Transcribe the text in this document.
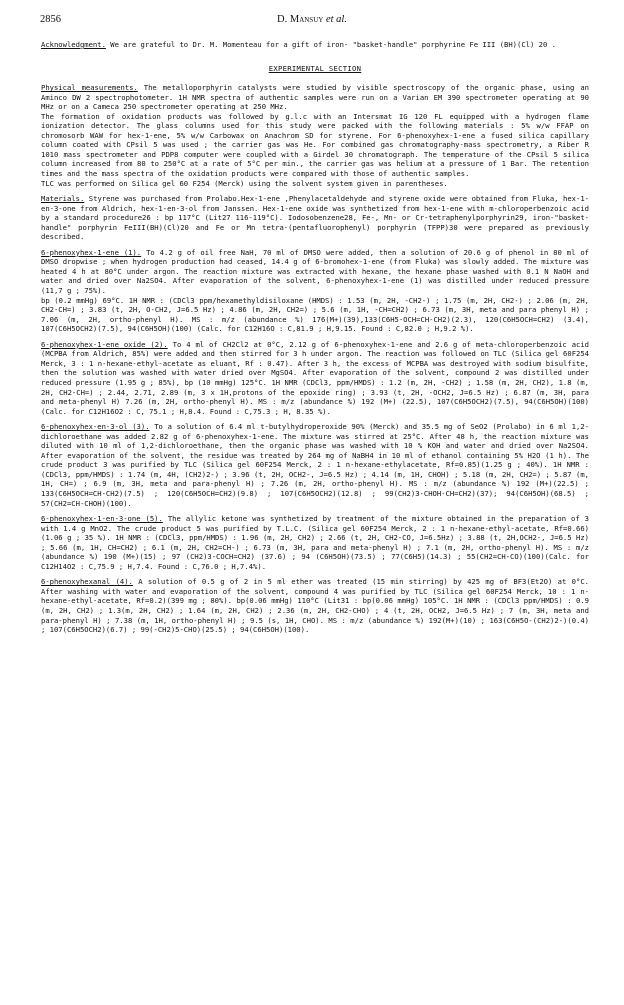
2856	D. Mansuy et al.

Acknowledgment. We are grateful to Dr. M. Momenteau for a gift of iron- "basket-handle" porphyrine Fe III (BH)(Cl) 20 .

EXPERIMENTAL SECTION

Physical measurements. The metalloporphyrin catalysts were studied by visible spectroscopy of the organic phase, using an Aminco DW 2 spectrophotometer. 1H NMR spectra of authentic samples were run on a Varian EM 390 spectrometer operating at 90 MHz or on a Cameca 250 spectrometer operating at 250 MHz.
The formation of oxidation products was followed by g.l.c with an Intersmat IG 120 FL equipped with a hydrogen flame ionization detector. The glass columns used for this study were packed with the following materials : 5% w/w FFAP on chromosorb WAW for hex-1-ene, 5% w/w Carbowax on Anachrom SD for styrene. For 6-phenoxyhex-1-ene a fused silica capillary column coated with CPsil 5 was used ; the carrier gas was He. For combined gas chromatography-mass spectrometry, a Riber R 1010 mass spectrometer and PDP8 computer were coupled with a Girdel 30 chromatograph. The temperature of the CPsil 5 silica column increased from 80 to 250°C at a rate of 5°C per min., the carrier gas was helium at a pressure of 1 Bar. The retention times and the mass spectra of the oxidation products were compared with those of authentic samples.
TLC was performed on Silica gel 60 F254 (Merck) using the solvent system given in parentheses.

Materials. Styrene was purchased from Prolabo.Hex-1-ene ,Phenylacetaldehyde and styrene oxide were obtained from Fluka, hex-1-en-3-one from Aldrich, hex-1-en-3-ol from Janssen. Hex-1-ene oxide was synthetized from hex-1-ene with m-chloroperbenzoic acid by a standard procedure26 : bp 117°C (Lit27 116-119°C). Iodosobenzene28, Fe-, Mn- or Cr-tetraphenylporphyrin29, iron-"basket-handle" porphyrin FeIII(BH)(Cl)20 and Fe or Mn tetra-(pentafluorophenyl) porphyrin (TFPP)30 were prepared as previously described.

6-phenoxyhex-1-ene (1). To 4.2 g of oil free NaH, 70 ml of DMSO were added, then a solution of 20.6 g of phenol in 80 ml of DMSO dropwise ; when hydrogen production had ceased, 14.4 g of 6-bromohex-1-ene (from Fluka) was slowly added. The mixture was heated 4 h at 80°C under argon. The reaction mixture was extracted with hexane, the hexane phase washed with 0.1 N NaOH and water and dried over Na2SO4. After evaporation of the solvent, 6-phenoxyhex-1-ene (1) was distilled under reduced pressure (11,7 g ; 75%).
bp (0.2 mmHg) 69°C. 1H NMR : (CDCl3 ppm/hexamethyldisiloxane (HMDS) : 1.53 (m, 2H, -CH2-) ; 1.75 (m, 2H, CH2-) ; 2.06 (m, 2H, CH2-CH=) ; 3.83 (t, 2H, O-CH2, J=6.5 Hz) ; 4.86 (m, 2H, CH2=) ; 5.6 (m, 1H, -CH=CH2) ; 6.73 (m, 3H, meta and para phenyl H) ; 7.06 (m, 2H, ortho-phenyl H). MS : m/z (abundance %) 176(M+)(39),133(C6H5-OCH=CH-CH2)(2.3), 120(C6H5OCH=CH2) (3.4), 107(C6H5OCH2)(7.5), 94(C6H5OH)(100) (Calc. for C12H16O : C,81.9 ; H,9.15. Found : C,82.0 ; H,9.2 %).

6-phenoxyhex-1-ene oxide (2). To 4 ml of CH2Cl2 at 0°C, 2.12 g of 6-phenoxyhex-1-ene and 2.6 g of meta-chloroperbenzoic acid (MCPBA from Aldrich, 85%) were added and then stirred for 3 h under argon. The reaction was followed on TLC (Silica gel 60F254 Merck, 3 : 1 n-hexane-ethyl-acetate as eluant, Rf : 0.47). After 3 h, the excess of MCPBA was destroyed with sodium bisulfite, then the solution was washed with water dried over MgSO4. After evaporation of the solvent, compound 2 was distilled under reduced pressure (1.95 g ; 85%), bp (10 mmHg) 125°C. 1H NMR (CDCl3, ppm/HMDS) : 1.2 (m, 2H, -CH2) ; 1.58 (m, 2H, CH2), 1.8 (m, 2H, CH2-CH=) ; 2.44, 2.71, 2.89 (m, 3 x 1H,protons of the epoxide ring) ; 3.93 (t, 2H, -OCH2, J=6.5 Hz) ; 6.87 (m, 3H, para and meta-phenyl H) 7.26 (m, 2H, ortho-phenyl H). MS : m/z (abundance %) 192 (M+) (22.5), 107(C6H5OCH2)(7.5), 94(C6H5OH)(100)(Calc. for C12H16O2 : C, 75.1 ; H,8.4. Found : C,75.3 ; H, 8.35 %).

6-phenoxyhex-en-3-ol (3). To a solution of 6.4 ml t-butylhydroperoxide 90% (Merck) and 35.5 mg of SeO2 (Prolabo) in 6 ml 1,2-dichloroethane was added 2.82 g of 6-phenoxyhex-1-ene. The mixture was stirred at 25°C. After 48 h, the reaction mixture was diluted with 10 ml of 1,2-dichloroethane, then the organic phase was washed with 10 % KOH and water and dried over Na2SO4. After evaporation of the solvent, the residue was treated by 264 mg of NaBH4 in 10 ml of ethanol containing 5% H2O (1 h). The crude product 3 was purified by TLC (Silica gel 60F254 Merck, 2 : 1 n-hexane-ethylacetate, Rf=0.85)(1.25 g ; 40%). 1H NMR : (CDCl3, ppm/HMDS) : 1.74 (m, 4H, (CH2)2-) ; 3.96 (t, 2H, OCH2-, J=6.5 Hz) ; 4.14 (m, 1H, CHOH) ; 5.18 (m, 2H, CH2=) ; 5.87 (m, 1H, CH=) ; 6.9 (m, 3H, meta and para-phenyl H) ; 7.26 (m, 2H, ortho-phenyl H). MS : m/z (abundance %) 192 (M+)(22.5) ; 133(C6H5OCH=CH-CH2)(7.5) ; 120(C6H5OCH=CH2)(9.8) ; 107(C6H5OCH2)(12.8) ; 99(CH2)3-CHOH-CH=CH2)(37); 94(C6H5OH)(68.5) ; 57(CH2=CH-CHOH)(100).

6-phenoxyhex-1-en-3-one (5). The allylic ketone was synthetized by treatment of the mixture obtained in the preparation of 3 with 1.4 g MnO2. The crude product 5 was purified by T.L.C. (Silica gel 60F254 Merck, 2 : 1 n-hexane-ethyl-acetate, Rf=0.66)(1.06 g ; 35 %). 1H NMR : (CDCl3, ppm/HMDS) : 1.96 (m, 2H, CH2) ; 2.66 (t, 2H, CH2-CO, J=6.5Hz) ; 3.88 (t, 2H,OCH2-, J=6.5 Hz) ; 5.66 (m, 1H, CH=CH2) ; 6.1 (m, 2H, CH2=CH-) ; 6.73 (m, 3H, para and meta-phenyl H) ; 7.1 (m, 2H, ortho-phenyl H). MS : m/z (abundance %) 190 (M+)(15) ; 97 (CH2)3-COCH=CH2) (37.6) ; 94 (C6H5OH)(73.5) ; 77(C6H5)(14.3) ; 55(CH2=CH-CO)(100)(Calc. for C12H14O2 : C,75.9 ; H,7.4. Found : C,76.0 ; H,7.4%).

6-phenoxyhexanal (4). A solution of 0.5 g of 2 in 5 ml ether was treated (15 min stirring) by 425 mg of BF3(Et2O) at 0°C. After washing with water and evaporation of the solvent, compound 4 was purified by TLC (Silica gel 60F254 Merck, 10 : 1 n-hexane-ethyl-acetate, Rf=0.2)(399 mg ; 80%). bp(0.06 mmHg) 110°C (Lit31 : bp(0.06 mmHg) 105°C. 1H NMR : (CDCl3 ppm/HMDS) : 0.9 (m, 2H, CH2) ; 1.3(m, 2H, CH2) ; 1.64 (m, 2H, CH2) ; 2.36 (m, 2H, CH2-CHO) ; 4 (t, 2H, OCH2, J=6.5 Hz) ; 7 (m, 3H, meta and para-phenyl H) ; 7.38 (m, 1H, ortho-phenyl H) ; 9.5 (s, 1H, CHO). MS : m/z (abundance %) 192(M+)(10) ; 163(C6H5O-(CH2)2-)(0.4) ; 107(C6H5OCH2)(6.7) ; 99(-CH2)5-CHO)(25.5) ; 94(C6H5OH)(100).
